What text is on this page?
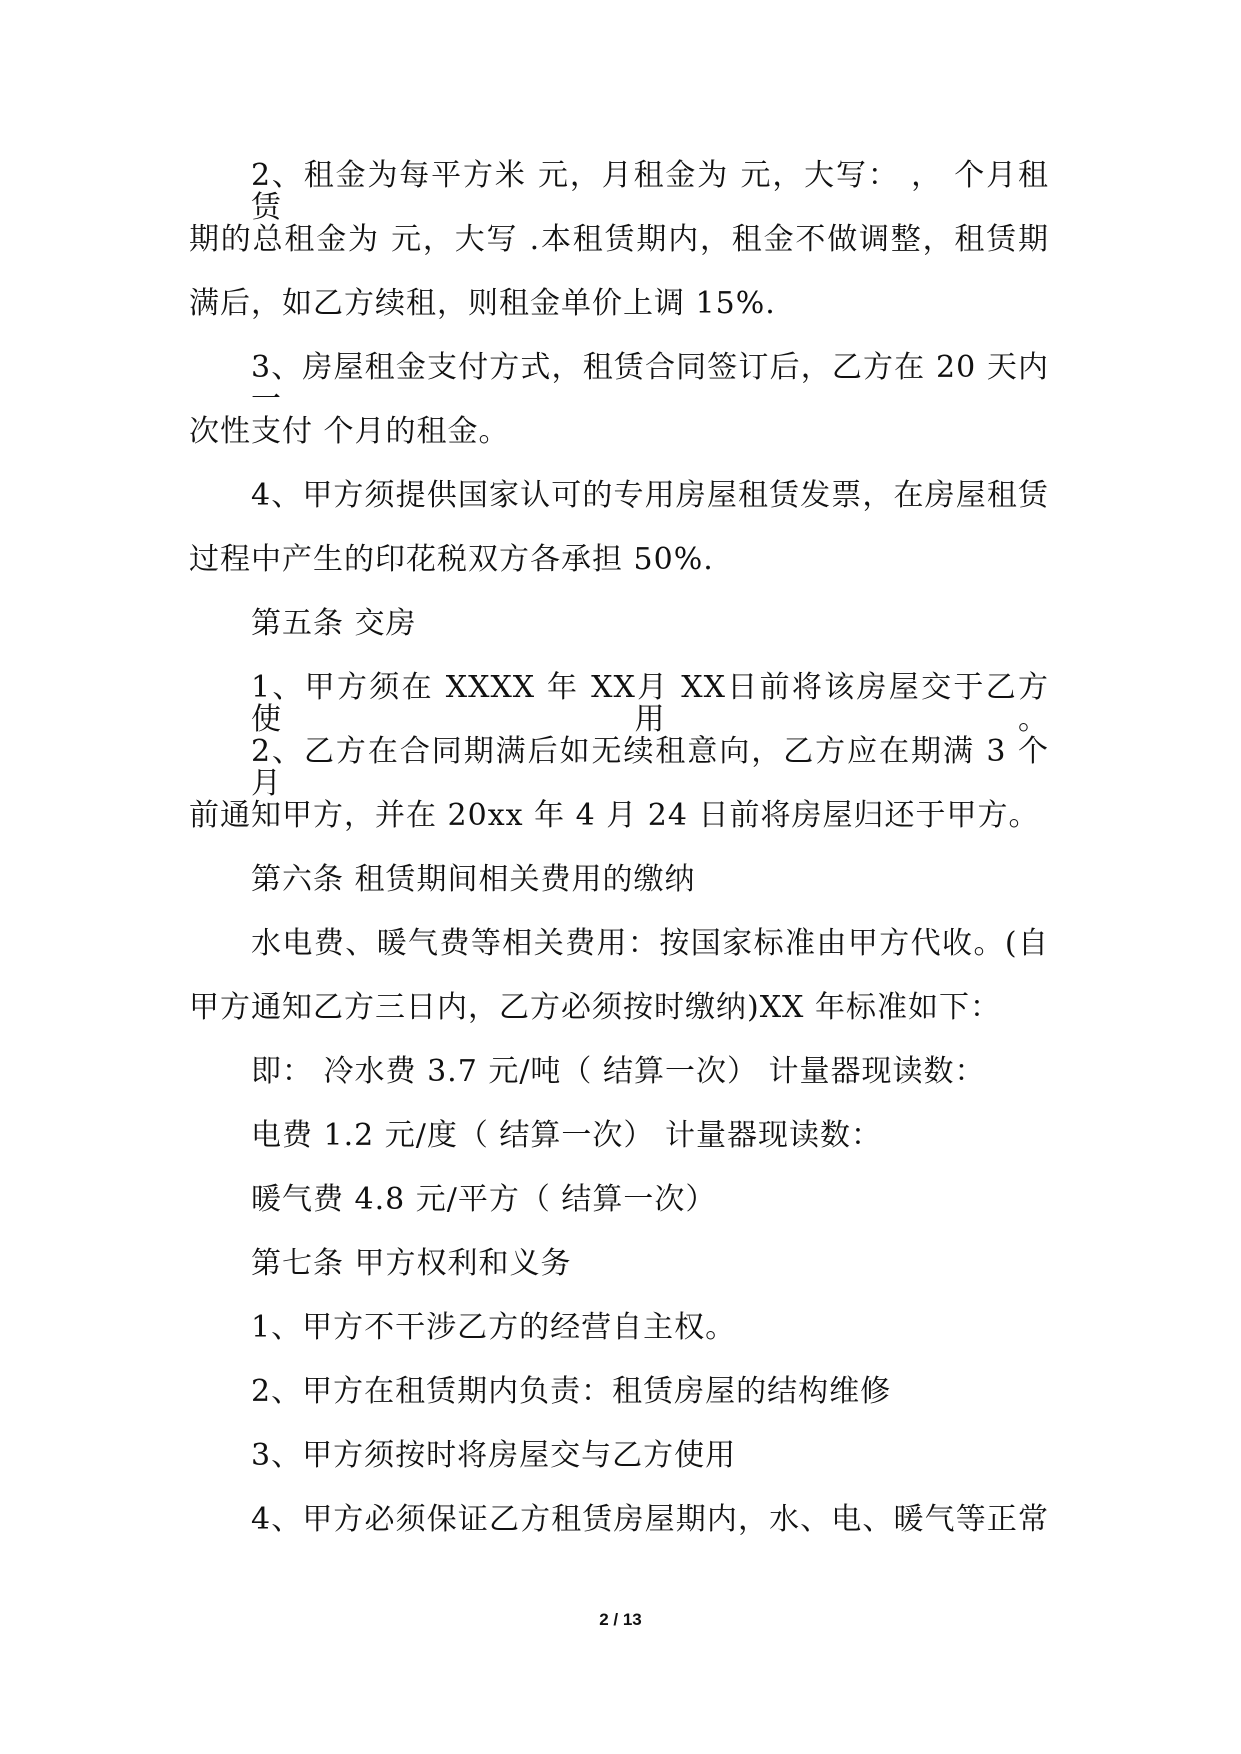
2、租金为每平方米 元，月租金为 元，大写： ， 个月租赁
期的总租金为 元，大写 .本租赁期内，租金不做调整，租赁期
满后，如乙方续租，则租金单价上调 15%.
3、房屋租金支付方式，租赁合同签订后，乙方在 20 天内一
次性支付 个月的租金。
4、甲方须提供国家认可的专用房屋租赁发票，在房屋租赁
过程中产生的印花税双方各承担 50%.
第五条 交房
1、甲方须在 XXXX 年 XX月 XX日前将该房屋交于乙方使用。
2、乙方在合同期满后如无续租意向，乙方应在期满 3 个月
前通知甲方，并在 20xx 年 4 月 24 日前将房屋归还于甲方。
第六条 租赁期间相关费用的缴纳
水电费、暖气费等相关费用：按国家标准由甲方代收。(自
甲方通知乙方三日内，乙方必须按时缴纳)XX 年标准如下：
即： 冷水费 3.7 元/吨（ 结算一次） 计量器现读数：
电费 1.2 元/度（ 结算一次） 计量器现读数：
暖气费 4.8 元/平方（ 结算一次）
第七条 甲方权利和义务
1、甲方不干涉乙方的经营自主权。
2、甲方在租赁期内负责：租赁房屋的结构维修
3、甲方须按时将房屋交与乙方使用
4、甲方必须保证乙方租赁房屋期内，水、电、暖气等正常
2 / 13
